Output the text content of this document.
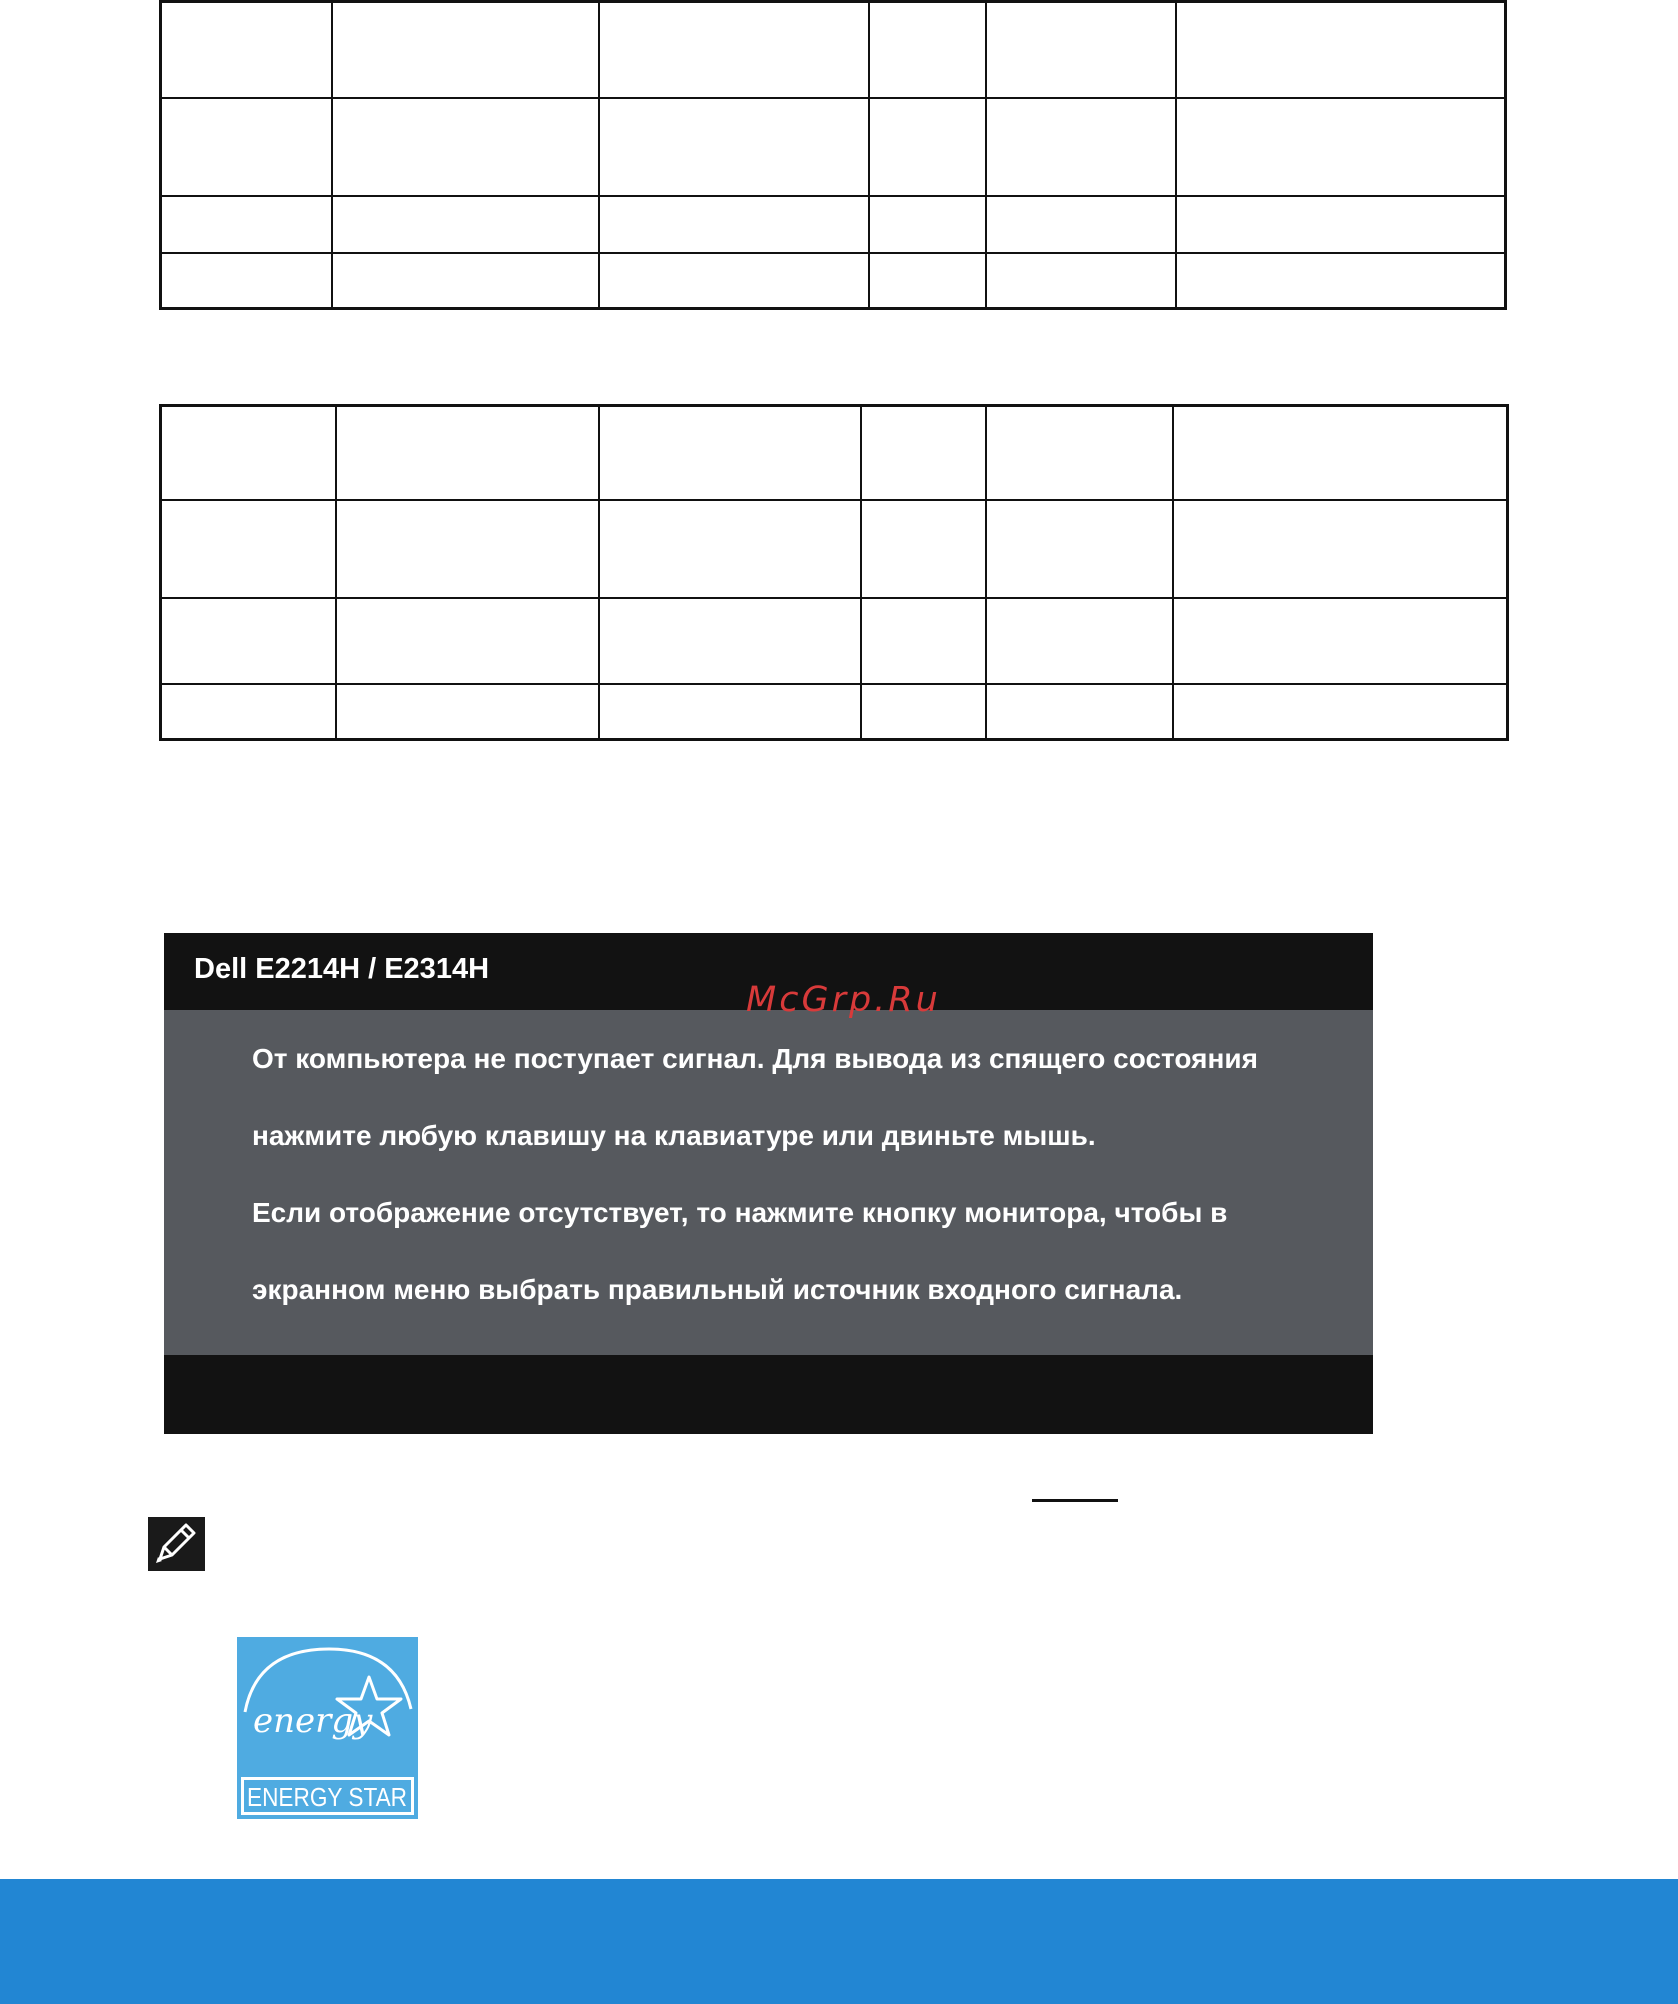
Dell E2214H / E2314H
От компьютера не поступает сигнал. Для вывода из спящего состояния
нажмите любую клавишу на клавиатуре или двиньте мышь.
Если отображение отсутствует, то нажмите кнопку монитора, чтобы в
экранном меню выбрать правильный источник входного сигнала.
McGrp.Ru
energy
ENERGY STAR
